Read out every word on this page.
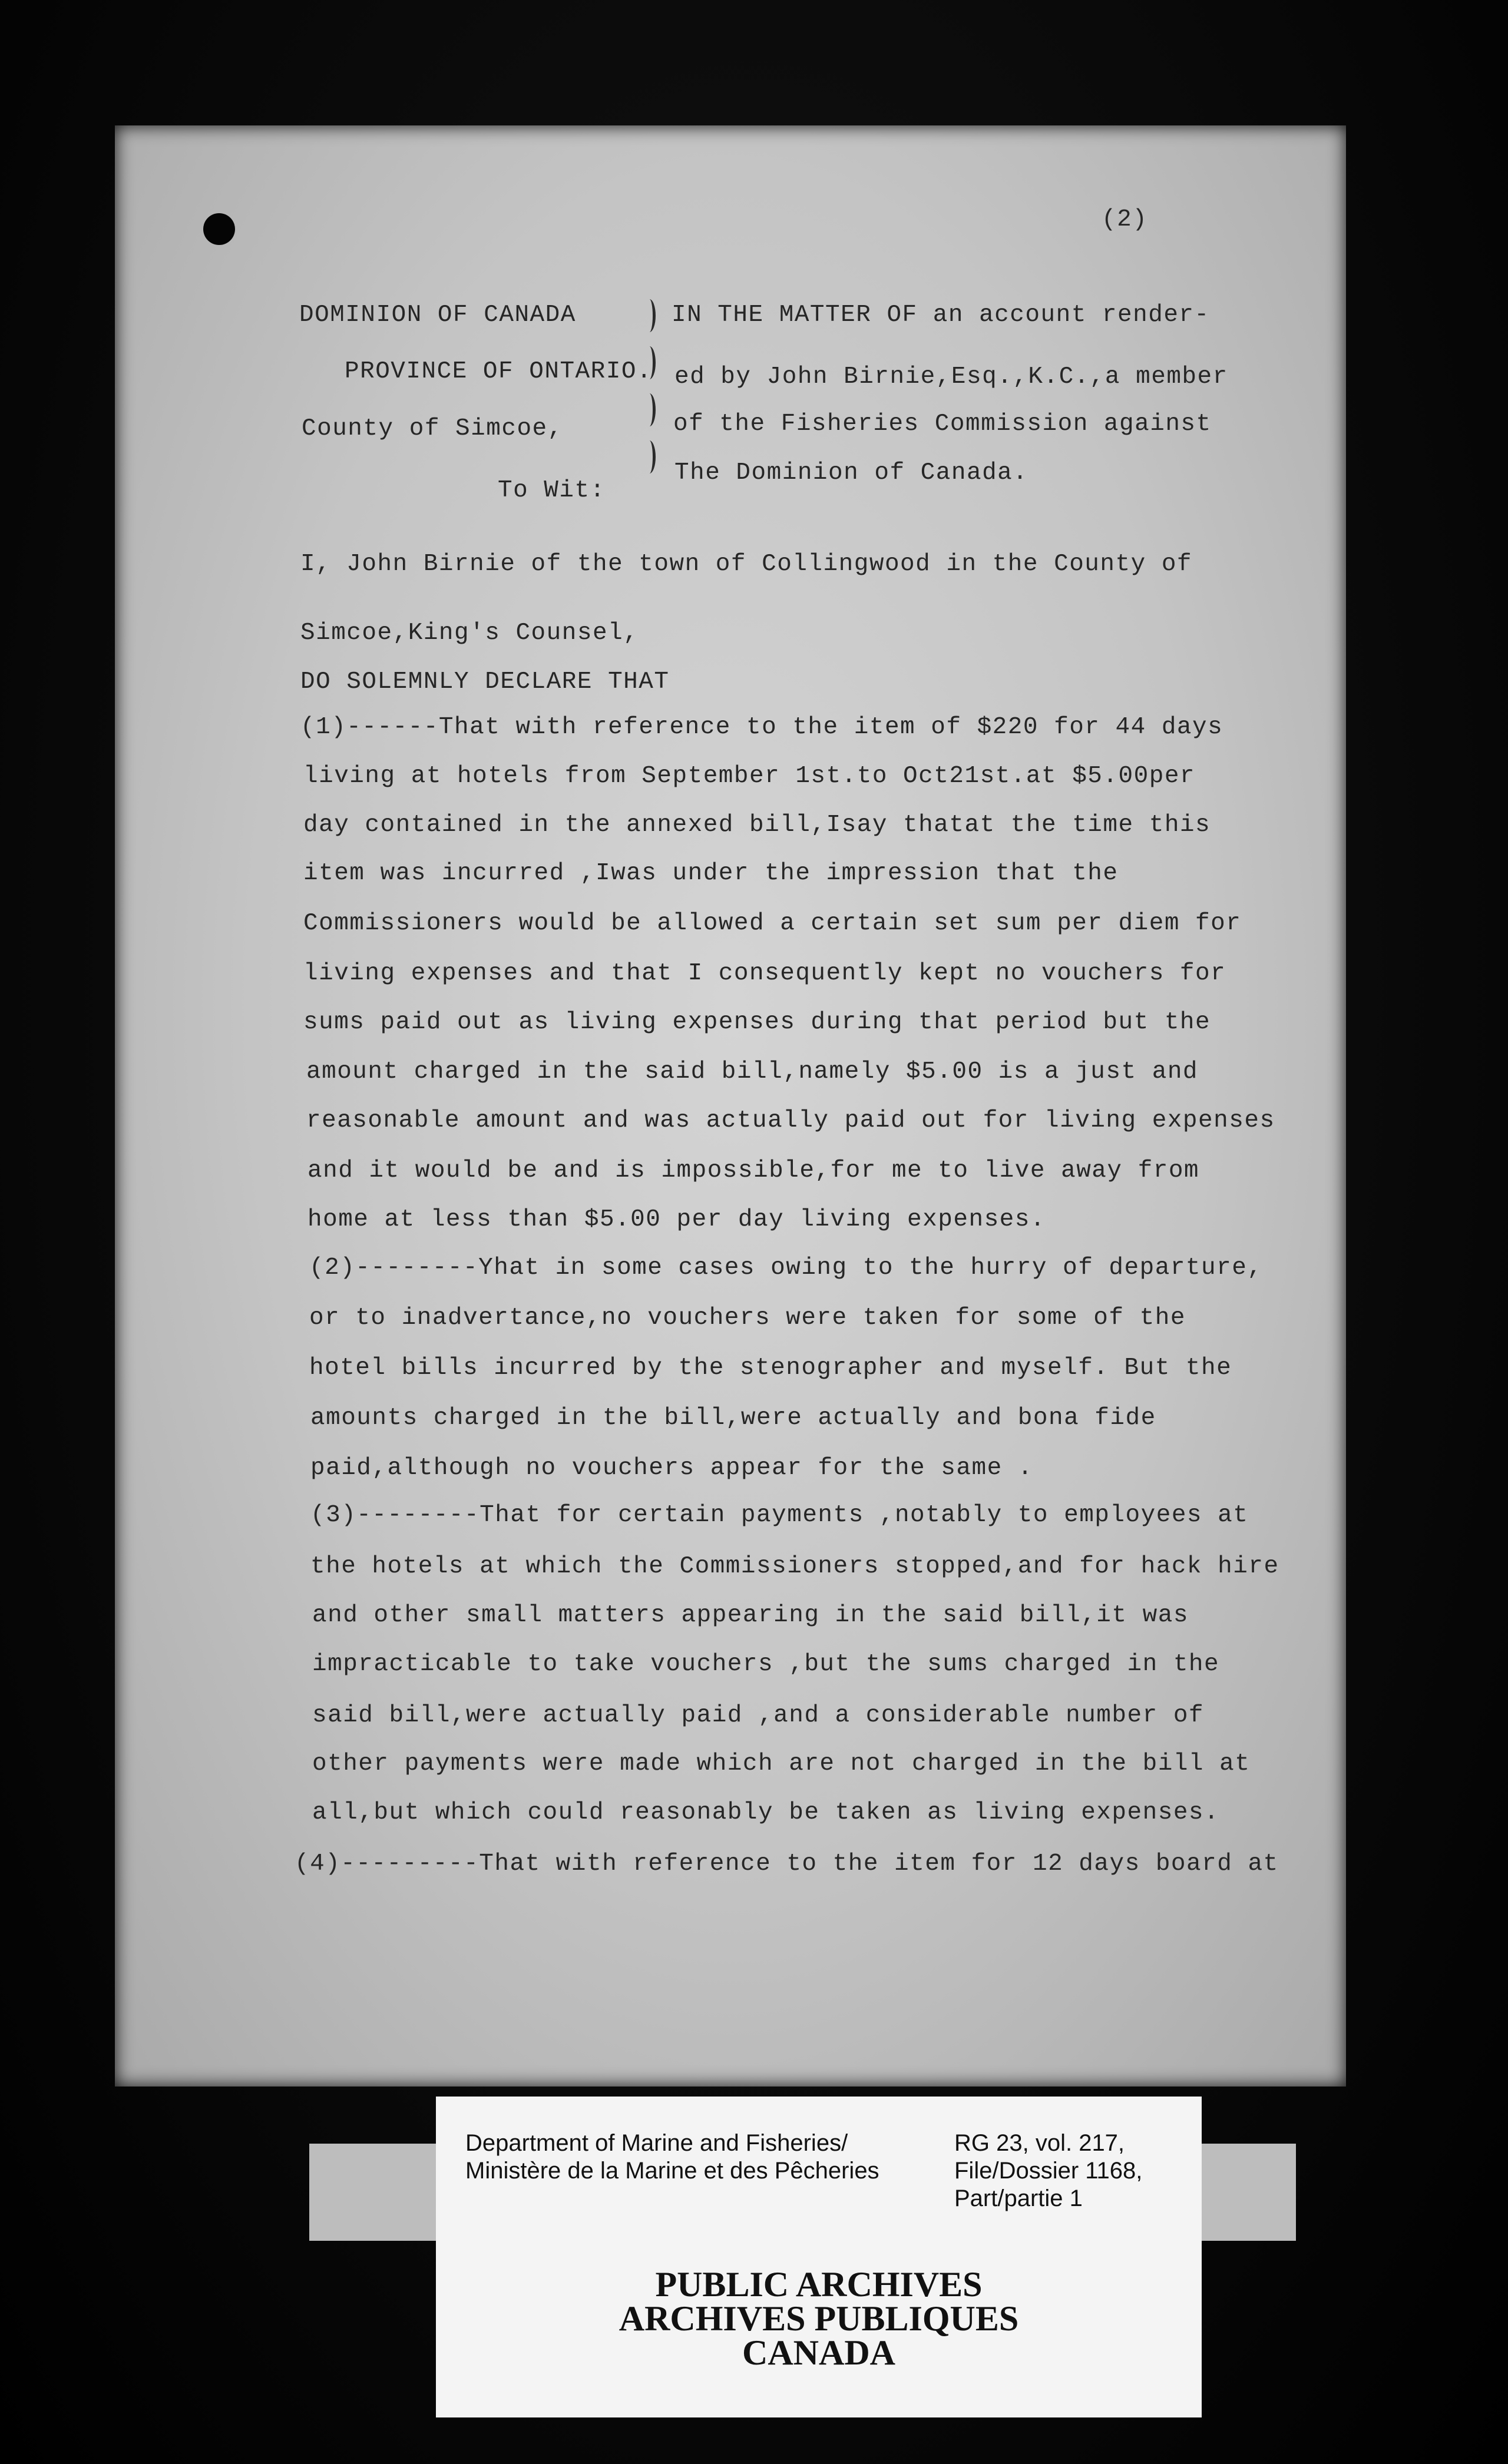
(2)
DOMINION OF CANADA
PROVINCE OF ONTARIO.
County of Simcoe,
To Wit:
IN THE MATTER OF an account render-
ed by John Birnie,Esq.,K.C.,a member
of the Fisheries Commission against
The Dominion of Canada.
I, John Birnie of the town of Collingwood in the County of
Simcoe,King's Counsel,
DO SOLEMNLY DECLARE THAT
(1)------That with reference to the item of $220 for 44 days
living at hotels from September 1st.to Oct21st.at $5.00per
day contained in the annexed bill,Isay thatat the time this
item was incurred ,Iwas under the impression that the
Commissioners would be allowed a certain set sum per diem for
living expenses and that I consequently kept no vouchers for
sums paid out as living expenses during that period but the
amount charged in the said bill,namely $5.00 is a just and
reasonable amount and was actually paid out for living expenses
and it would be and is impossible,for me to live away from
home at less than $5.00 per day living expenses.
(2)--------Yhat in some cases owing to the hurry of departure,
or to inadvertance,no vouchers were taken for some of the
hotel bills incurred by the stenographer and myself. But the
amounts charged in the bill,were actually and bona fide
paid,although no vouchers appear for the same .
(3)--------That for certain payments ,notably to employees at
the hotels at which the Commissioners stopped,and for hack hire
and other small matters appearing in the said bill,it was
impracticable to take vouchers ,but the sums charged in the
said bill,were actually paid ,and a considerable number of
other payments were made which are not charged in the bill at
all,but which could reasonably be taken as living expenses.
(4)---------That with reference to the item for 12 days board at
Department of Marine and Fisheries/
Ministère de la Marine et des Pêcheries
RG 23, vol. 217,
File/Dossier 1168,
Part/partie 1
PUBLIC ARCHIVES
ARCHIVES PUBLIQUES
CANADA
